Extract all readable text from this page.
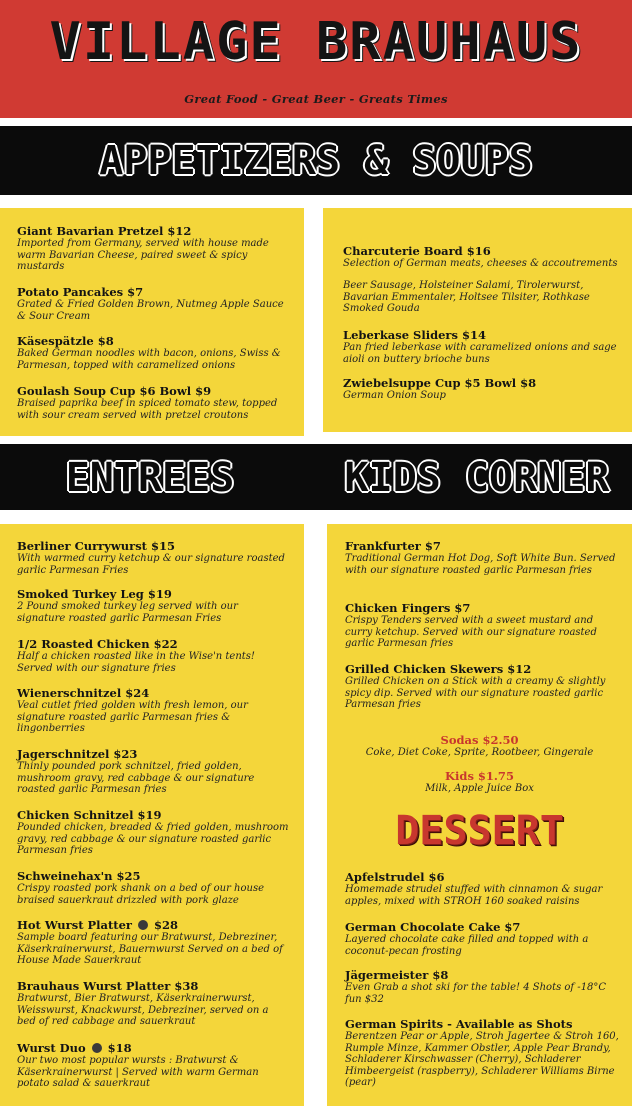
VILLAGE BRAUHAUS
Great Food - Great Beer - Greats Times
APPETIZERS & SOUPS
Giant Bavarian Pretzel $12
Imported from Germany, served with house made warm Bavarian Cheese, paired sweet & spicy mustards
Potato Pancakes $7
Grated & Fried Golden Brown, Nutmeg Apple Sauce & Sour Cream
Käsespätzle $8
Baked German noodles with bacon, onions, Swiss & Parmesan, topped with caramelized onions
Goulash Soup Cup $6 Bowl $9
Braised paprika beef in spiced tomato stew, topped with sour cream served with pretzel croutons
Charcuterie Board $16
Selection of German meats, cheeses & accoutrements
Beer Sausage, Holsteiner Salami, Tirolerwurst, Bavarian Emmentaler, Holtsee Tilsiter, Rothkase Smoked Gouda
Leberkase Sliders $14
Pan fried leberkase with caramelized onions and sage aioli on buttery brioche buns
Zwiebelsuppe Cup $5 Bowl $8
German Onion Soup
ENTREES	KIDS CORNER
Berliner Currywurst $15
With warmed curry ketchup & our signature roasted garlic Parmesan Fries
Smoked Turkey Leg $19
2 Pound smoked turkey leg served with our signature roasted garlic Parmesan Fries
1/2 Roasted Chicken $22
Half a chicken roasted like in the Wise'n tents! Served with our signature fries
Wienerschnitzel $24
Veal cutlet fried golden with fresh lemon, our signature roasted garlic Parmesan fries & lingonberries
Jagerschnitzel $23
Thinly pounded pork schnitzel, fried golden, mushroom gravy, red cabbage & our signature roasted garlic Parmesan fries
Chicken Schnitzel $19
Pounded chicken, breaded & fried golden, mushroom gravy, red cabbage & our signature roasted garlic Parmesan fries
Schweinehax'n $25
Crispy roasted pork shank on a bed of our house braised sauerkraut drizzled with pork glaze
Hot Wurst Platter $28
Sample board featuring our Bratwurst, Debreziner, Käserkrainerwurst, Bauernwurst Served on a bed of House Made Sauerkraut
Brauhaus Wurst Platter $38
Bratwurst, Bier Bratwurst, Käserkrainerwurst, Weisswurst, Knackwurst, Debreziner, served on a bed of red cabbage and sauerkraut
Wurst Duo $18
Our two most popular wursts : Bratwurst & Käserkrainerwurst | Served with warm German potato salad & sauerkraut
Frankfurter $7
Traditional German Hot Dog, Soft White Bun. Served with our signature roasted garlic Parmesan fries
Chicken Fingers $7
Crispy Tenders served with a sweet mustard and curry ketchup. Served with our signature roasted garlic Parmesan fries
Grilled Chicken Skewers $12
Grilled Chicken on a Stick with a creamy & slightly spicy dip. Served with our signature roasted garlic Parmesan fries
Apfelstrudel $6
Homemade strudel stuffed with cinnamon & sugar apples, mixed with STROH 160 soaked raisins
German Chocolate Cake $7
Layered chocolate cake filled and topped with a coconut-pecan frosting
Jägermeister $8
Even Grab a shot ski for the table! 4 Shots of -18°C fun $32
German Spirits - Available as Shots
Berentzen Pear or Apple, Stroh Jagertee & Stroh 160, Rumple Minze, Kammer Obstler, Apple Pear Brandy, Schladerer Kirschwasser (Cherry), Schladerer Himbeergeist (raspberry), Schladerer Williams Birne (pear)
Sodas $2.50
Coke, Diet Coke, Sprite, Rootbeer, Gingerale
Kids $1.75
Milk, Apple Juice Box
DESSERT
